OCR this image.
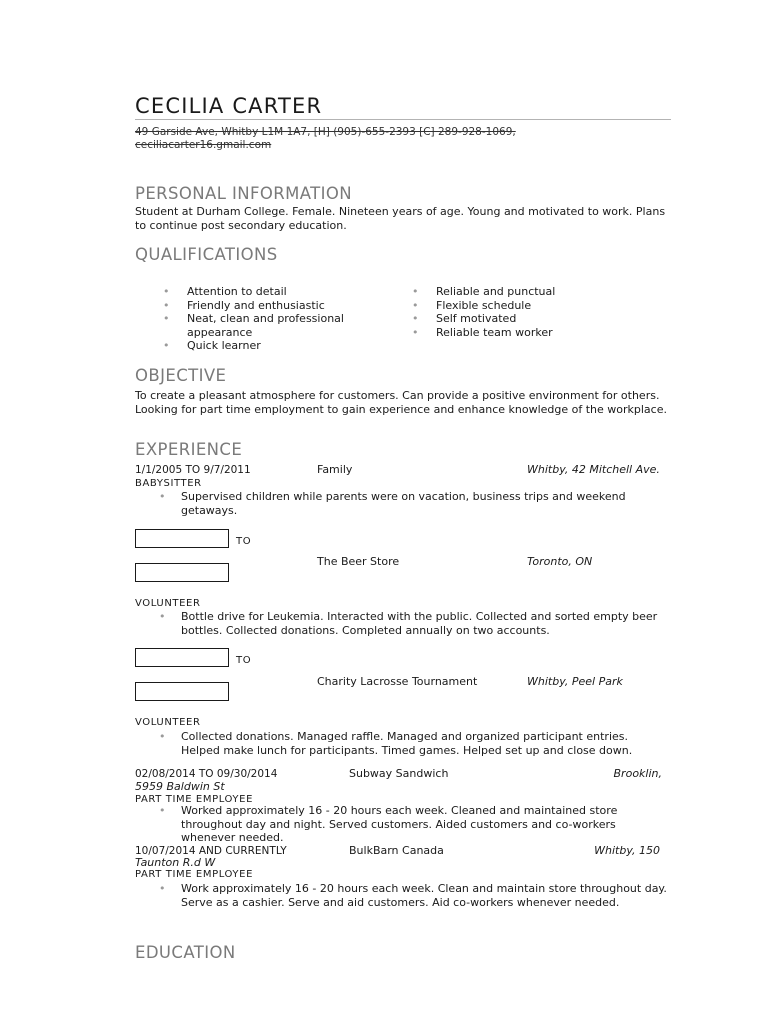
CECILIA CARTER
49 Garside Ave, Whitby L1M 1A7, [H] (905)-655-2393 [C] 289-928-1069,
ceciliacarter16.gmail.com
PERSONAL INFORMATION
Student at Durham College. Female. Nineteen years of age. Young and motivated to work. Plans to continue post secondary education.
QUALIFICATIONS
• Attention to detail
• Friendly and enthusiastic
• Neat, clean and professional appearance
• Quick learner
• Reliable and punctual
• Flexible schedule
• Self motivated
• Reliable team worker
OBJECTIVE
To create a pleasant atmosphere for customers. Can provide a positive environment for others. Looking for part time employment to gain experience and enhance knowledge of the workplace.
EXPERIENCE
1/1/2005 TO 9/7/2011	Family	Whitby, 42 Mitchell Ave.
BABYSITTER
•	Supervised children while parents were on vacation, business trips and weekend getaways.
TO
The Beer Store	Toronto, ON
VOLUNTEER
•	Bottle drive for Leukemia. Interacted with the public. Collected and sorted empty beer bottles. Collected donations. Completed annually on two accounts.
TO
Charity Lacrosse Tournament	Whitby, Peel Park
VOLUNTEER
•	Collected donations. Managed raffle. Managed and organized participant entries. Helped make lunch for participants. Timed games. Helped set up and close down.
02/08/2014 TO 09/30/2014	Subway Sandwich	Brooklin,
5959 Baldwin St
PART TIME EMPLOYEE
•	Worked approximately 16 - 20 hours each week. Cleaned and maintained store throughout day and night. Served customers. Aided customers and co-workers whenever needed.
10/07/2014 AND CURRENTLY	BulkBarn Canada	Whitby, 150
Taunton R.d W
PART TIME EMPLOYEE
•	Work approximately 16 - 20 hours each week. Clean and maintain store throughout day. Serve as a cashier. Serve and aid customers. Aid co-workers whenever needed.
EDUCATION
